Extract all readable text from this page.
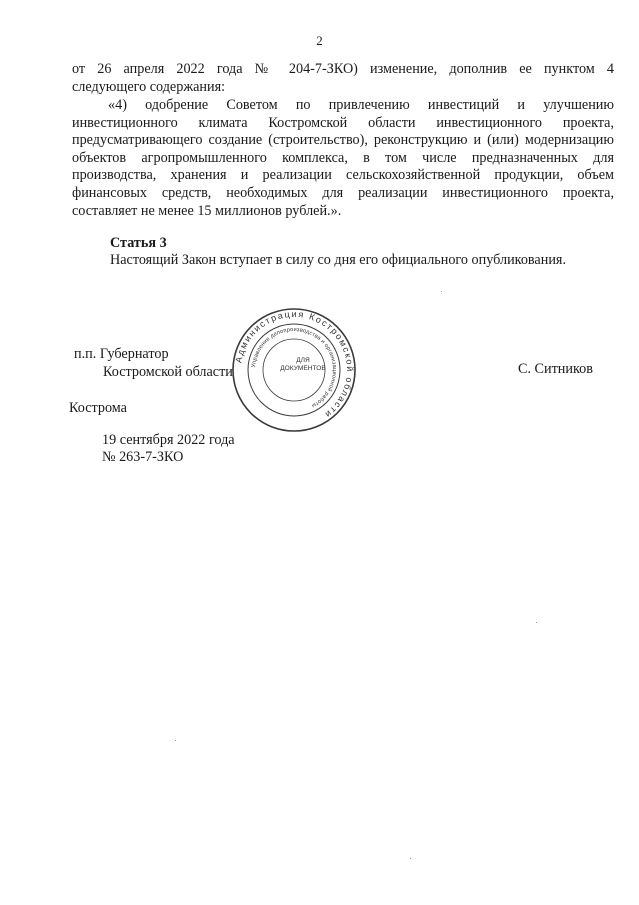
2
от 26 апреля 2022 года № 204-7-ЗКО) изменение, дополнив ее пунктом 4
следующего содержания:
«4) одобрение Советом по привлечению инвестиций и улучшению
инвестиционного климата Костромской области инвестиционного проекта, предусматривающего создание (строительство), реконструкцию и (или) модернизацию объектов агропромышленного комплекса, в том числе предназначенных для производства, хранения и реализации сельскохозяйственной продукции, объем финансовых средств, необходимых для реализации инвестиционного проекта, составляет не менее 15 миллионов рублей.».
Статья 3
Настоящий Закон вступает в силу со дня его официального опубликования.
п.п. Губернатор
Костромской области	С. Ситников
Администрация Костромской области
Управление делопроизводства и организационной работы
ДЛЯ ДОКУМЕНТОВ
Кострома
19 сентября 2022 года
№ 263-7-ЗКО
